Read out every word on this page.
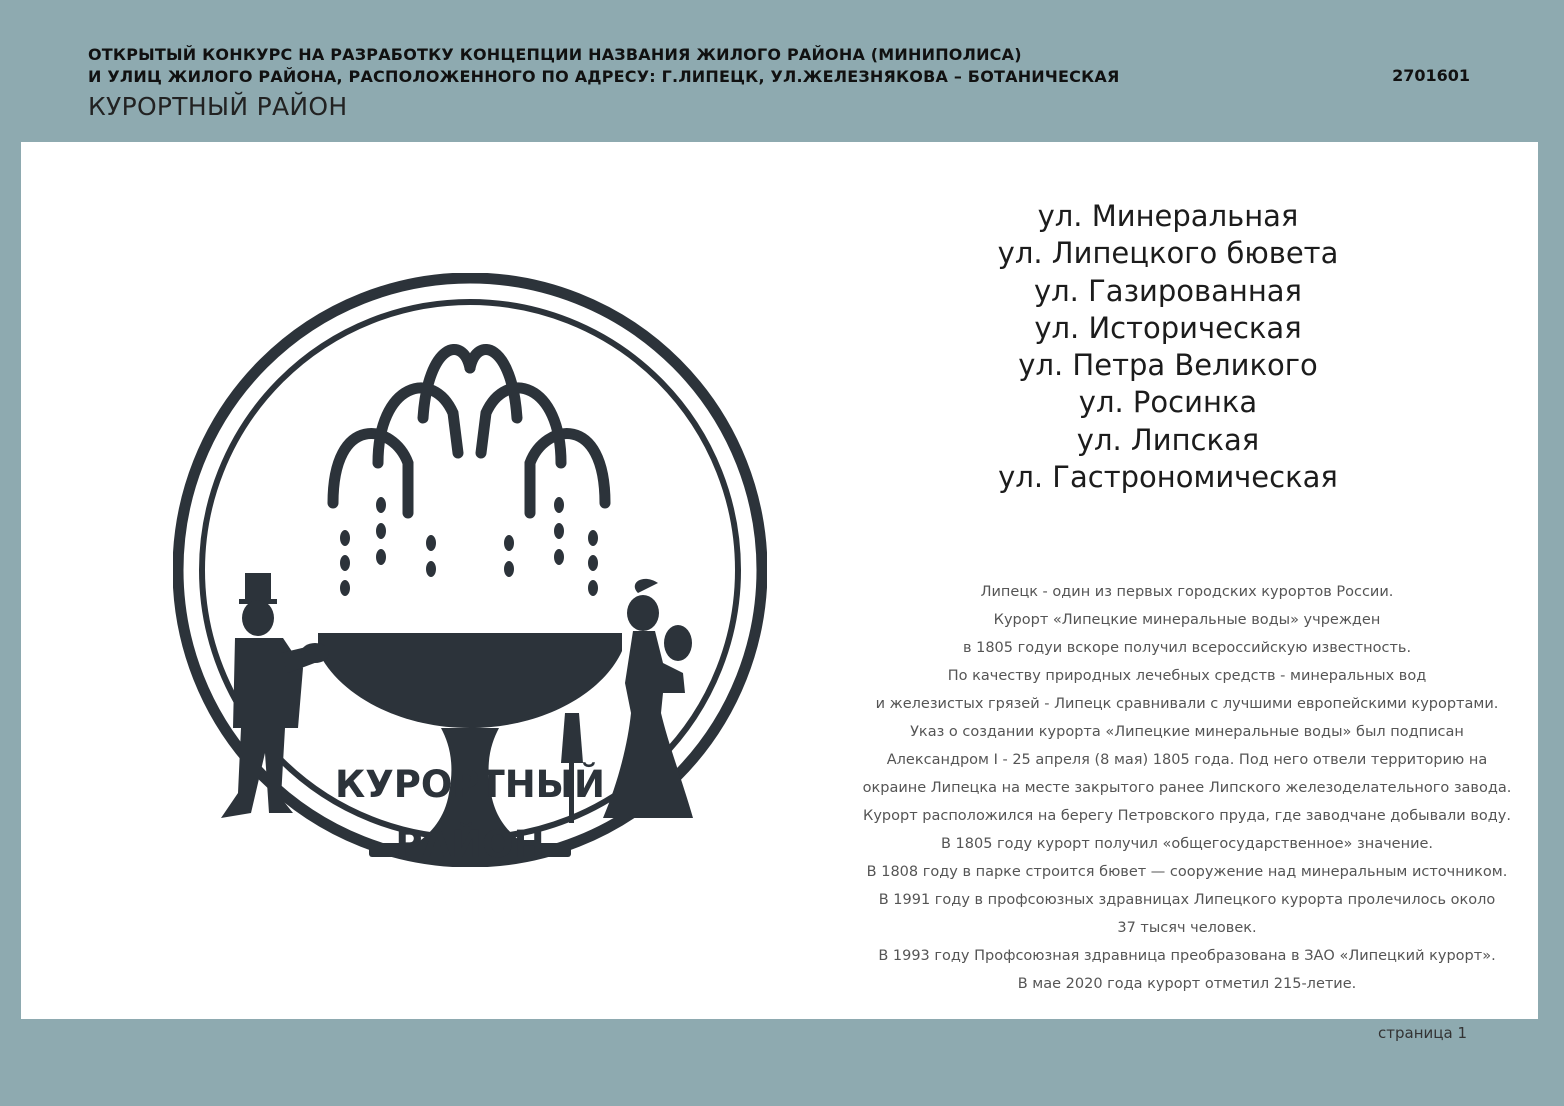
ОТКРЫТЫЙ КОНКУРС НА РАЗРАБОТКУ КОНЦЕПЦИИ НАЗВАНИЯ ЖИЛОГО РАЙОНА (МИНИПОЛИСА)
И УЛИЦ ЖИЛОГО РАЙОНА, РАСПОЛОЖЕННОГО ПО АДРЕСУ: Г.ЛИПЕЦК, УЛ.ЖЕЛЕЗНЯКОВА – БОТАНИЧЕСКАЯ
КУРОРТНЫЙ РАЙОН
2701601
КУРОРТНЫЙ
РАЙОН
ул. Минеральная
ул. Липецкого бювета
ул. Газированная
ул. Историческая
ул. Петра Великого
ул. Росинка
ул. Липская
ул. Гастрономическая
Липецк - один из первых городских курортов России.
Курорт «Липецкие минеральные воды» учрежден
в 1805 годуи вскоре получил всероссийскую известность.
По качеству природных лечебных средств - минеральных вод
и железистых грязей - Липецк сравнивали с лучшими европейскими курортами.
Указ о создании курорта «Липецкие минеральные воды» был подписан
Александром I - 25 апреля (8 мая) 1805 года. Под него отвели территорию на
окраине Липецка на месте закрытого ранее Липского железоделательного завода.
Курорт расположился на берегу Петровского пруда, где заводчане добывали воду.
В 1805 году курорт получил «общегосударственное» значение.
В 1808 году в парке строится бювет — сооружение над минеральным источником.
В 1991 году в профсоюзных здравницах Липецкого курорта пролечилось около
37 тысяч человек.
В 1993 году Профсоюзная здравница преобразована в ЗАО «Липецкий курорт».
В мае 2020 года курорт отметил 215-летие.
страница 1
